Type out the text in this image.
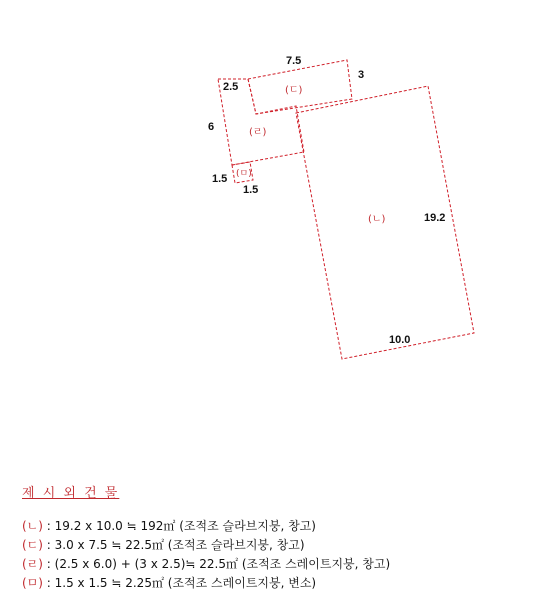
(ㄴ)
(ㄷ)
(ㄹ)
(ㅁ)
19.2
10.0
7.5
3
2.5
6
1.5
1.5

제 시 외 건 물

(ㄴ) : 19.2 x 10.0 ≒ 192㎡ (조적조 슬라브지붕, 창고)

(ㄷ) : 3.0 x 7.5 ≒ 22.5㎡ (조적조 슬라브지붕, 창고)

(ㄹ) : (2.5 x 6.0) + (3 x 2.5)≒ 22.5㎡ (조적조 스레이트지붕, 창고)

(ㅁ) : 1.5 x 1.5 ≒ 2.25㎡ (조적조 스레이트지붕, 변소)
